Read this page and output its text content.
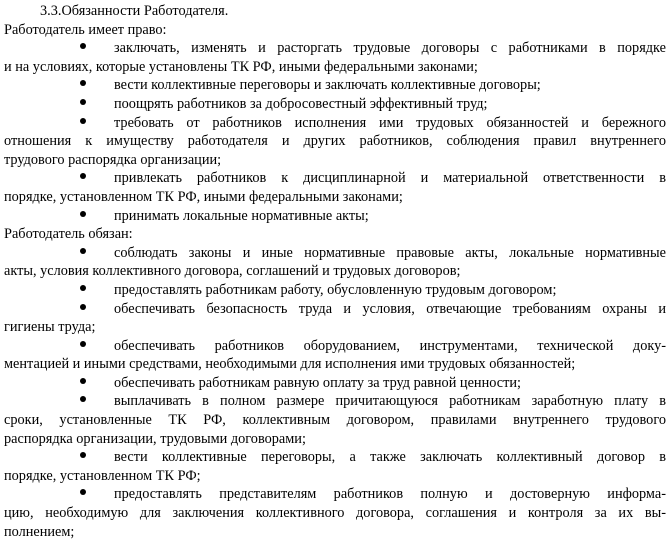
3.3.Обязанности Работодателя.
Работодатель имеет право:
заключать, изменять и расторгать трудовые договоры с работниками в порядке
и на условиях, которые установлены ТК РФ, иными федеральными законами;
вести коллективные переговоры и заключать коллективные договоры;
поощрять работников за добросовестный эффективный труд;
требовать от работников исполнения ими трудовых обязанностей и бережного
отношения к имуществу работодателя и других работников, соблюдения правил внутреннего
трудового распорядка организации;
привлекать работников к дисциплинарной и материальной ответственности в
порядке, установленном ТК РФ, иными федеральными законами;
принимать локальные нормативные акты;
Работодатель обязан:
соблюдать законы и иные нормативные правовые акты, локальные нормативные
акты, условия коллективного договора, соглашений и трудовых договоров;
предоставлять работникам работу, обусловленную трудовым договором;
обеспечивать безопасность труда и условия, отвечающие требованиям охраны и
гигиены труда;
обеспечивать работников оборудованием, инструментами, технической доку-
ментацией и иными средствами, необходимыми для исполнения ими трудовых обязанностей;
обеспечивать работникам равную оплату за труд равной ценности;
выплачивать в полном размере причитающуюся работникам заработную плату в
сроки, установленные ТК РФ, коллективным договором, правилами внутреннего трудового
распорядка организации, трудовыми договорами;
вести коллективные переговоры, а также заключать коллективный договор в
порядке, установленном ТК РФ;
предоставлять представителям работников полную и достоверную информа-
цию, необходимую для заключения коллективного договора, соглашения и контроля за их вы-
полнением;
